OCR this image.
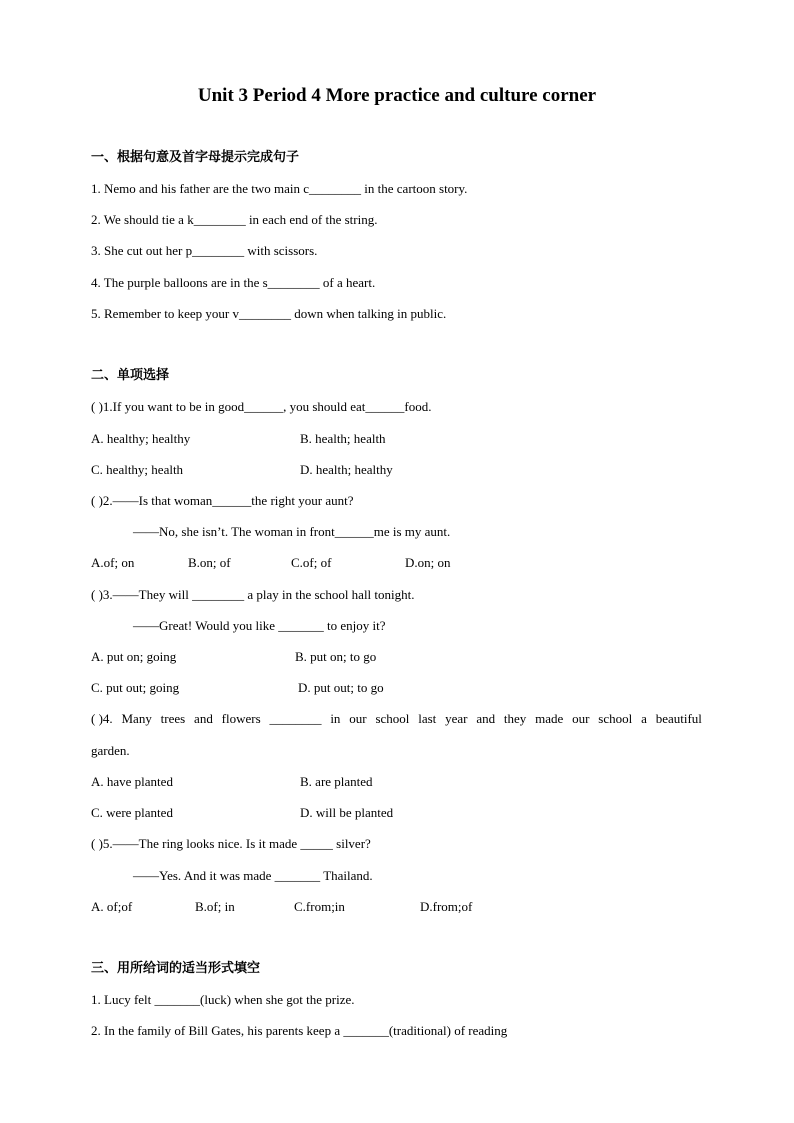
Unit 3 Period 4 More practice and culture corner
一、根据句意及首字母提示完成句子
1. Nemo and his father are the two main c________ in the cartoon story.
2. We should tie a k________ in each end of the string.
3. She cut out her p________ with scissors.
4. The purple balloons are in the s________ of a heart.
5. Remember to keep your v________ down when talking in public.
二、单项选择
( )1.If you want to be in good______, you should eat______food.
A. healthy; healthy	B. health; health
C. healthy; health	D. health; healthy
( )2.——Is that woman______the right your aunt?
——No, she isn’t. The woman in front______me is my aunt.
A.of; on	B.on; of	C.of; of	D.on; on
( )3.——They will ________ a play in the school hall tonight.
——Great! Would you like _______ to enjoy it?
A. put on; going	B. put on; to go
C. put out; going	D. put out; to go
( )4. Many trees and flowers ________ in our school last year and they made our school a beautiful
garden.
A. have planted	B. are planted
C. were planted	D. will be planted
( )5.——The ring looks nice. Is it made _____ silver?
——Yes. And it was made _______ Thailand.
A. of;of	B.of; in	C.from;in	D.from;of
三、用所给词的适当形式填空
1. Lucy felt _______(luck) when she got the prize.
2. In the family of Bill Gates, his parents keep a _______(traditional) of reading
